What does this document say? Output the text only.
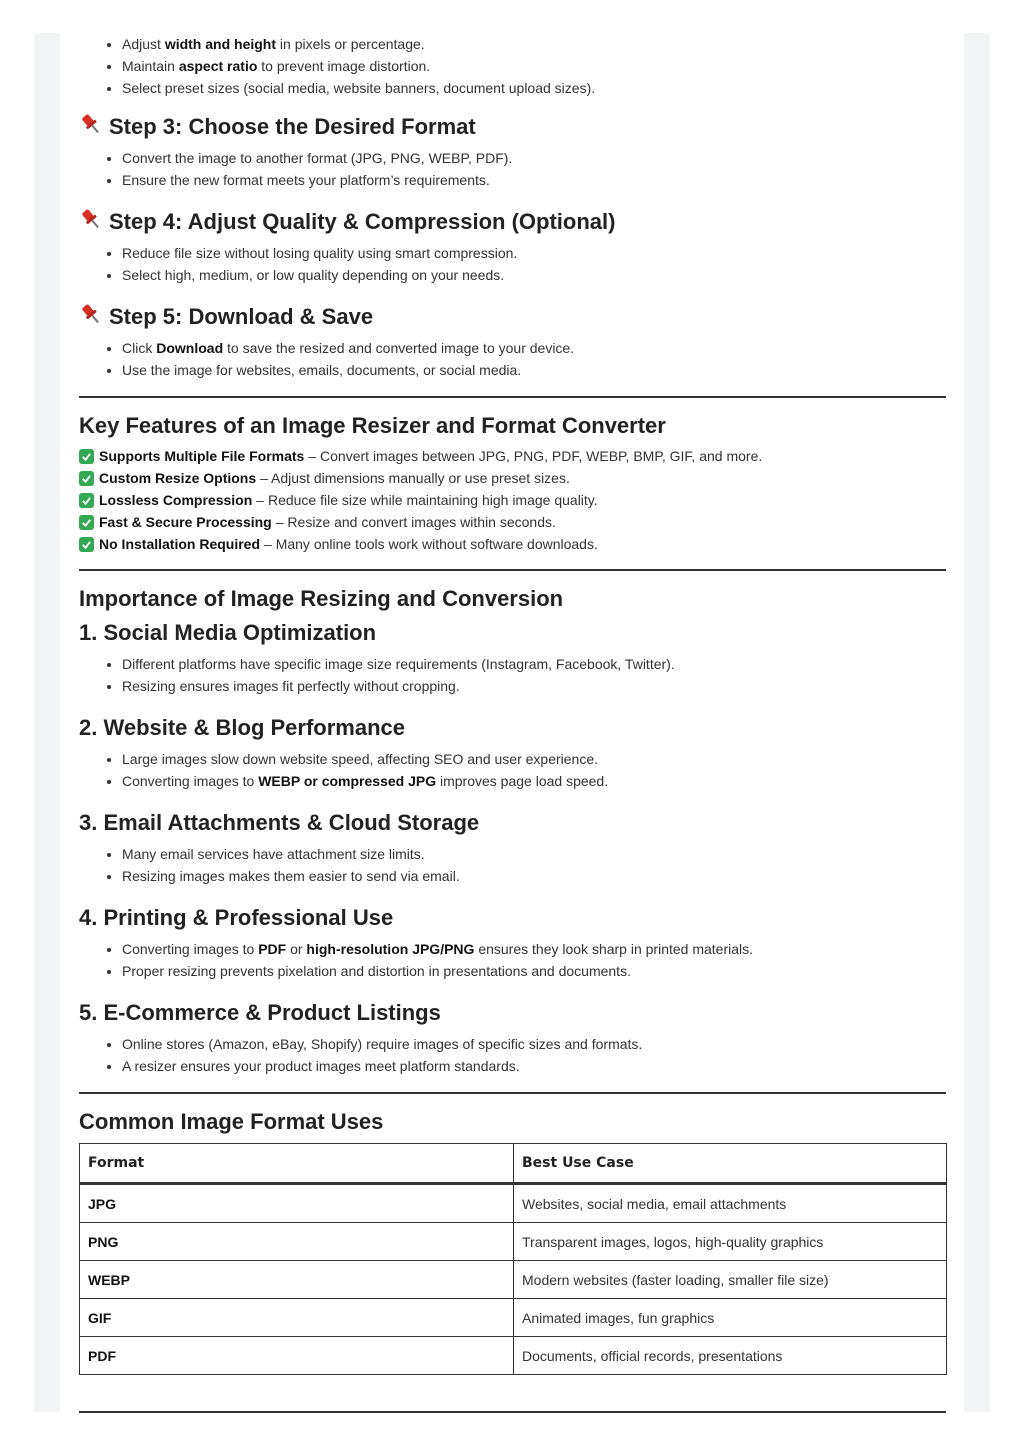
• Adjust width and height in pixels or percentage.
• Maintain aspect ratio to prevent image distortion.
• Select preset sizes (social media, website banners, document upload sizes).
Step 3: Choose the Desired Format
• Convert the image to another format (JPG, PNG, WEBP, PDF).
• Ensure the new format meets your platform’s requirements.
Step 4: Adjust Quality & Compression (Optional)
• Reduce file size without losing quality using smart compression.
• Select high, medium, or low quality depending on your needs.
Step 5: Download & Save
• Click Download to save the resized and converted image to your device.
• Use the image for websites, emails, documents, or social media.
Key Features of an Image Resizer and Format Converter
Supports Multiple File Formats – Convert images between JPG, PNG, PDF, WEBP, BMP, GIF, and more.
Custom Resize Options – Adjust dimensions manually or use preset sizes.
Lossless Compression – Reduce file size while maintaining high image quality.
Fast & Secure Processing – Resize and convert images within seconds.
No Installation Required – Many online tools work without software downloads.
Importance of Image Resizing and Conversion
1. Social Media Optimization
• Different platforms have specific image size requirements (Instagram, Facebook, Twitter).
• Resizing ensures images fit perfectly without cropping.
2. Website & Blog Performance
• Large images slow down website speed, affecting SEO and user experience.
• Converting images to WEBP or compressed JPG improves page load speed.
3. Email Attachments & Cloud Storage
• Many email services have attachment size limits.
• Resizing images makes them easier to send via email.
4. Printing & Professional Use
• Converting images to PDF or high-resolution JPG/PNG ensures they look sharp in printed materials.
• Proper resizing prevents pixelation and distortion in presentations and documents.
5. E-Commerce & Product Listings
• Online stores (Amazon, eBay, Shopify) require images of specific sizes and formats.
• A resizer ensures your product images meet platform standards.
Common Image Format Uses
Format	Best Use Case
JPG	Websites, social media, email attachments
PNG	Transparent images, logos, high-quality graphics
WEBP	Modern websites (faster loading, smaller file size)
GIF	Animated images, fun graphics
PDF	Documents, official records, presentations
